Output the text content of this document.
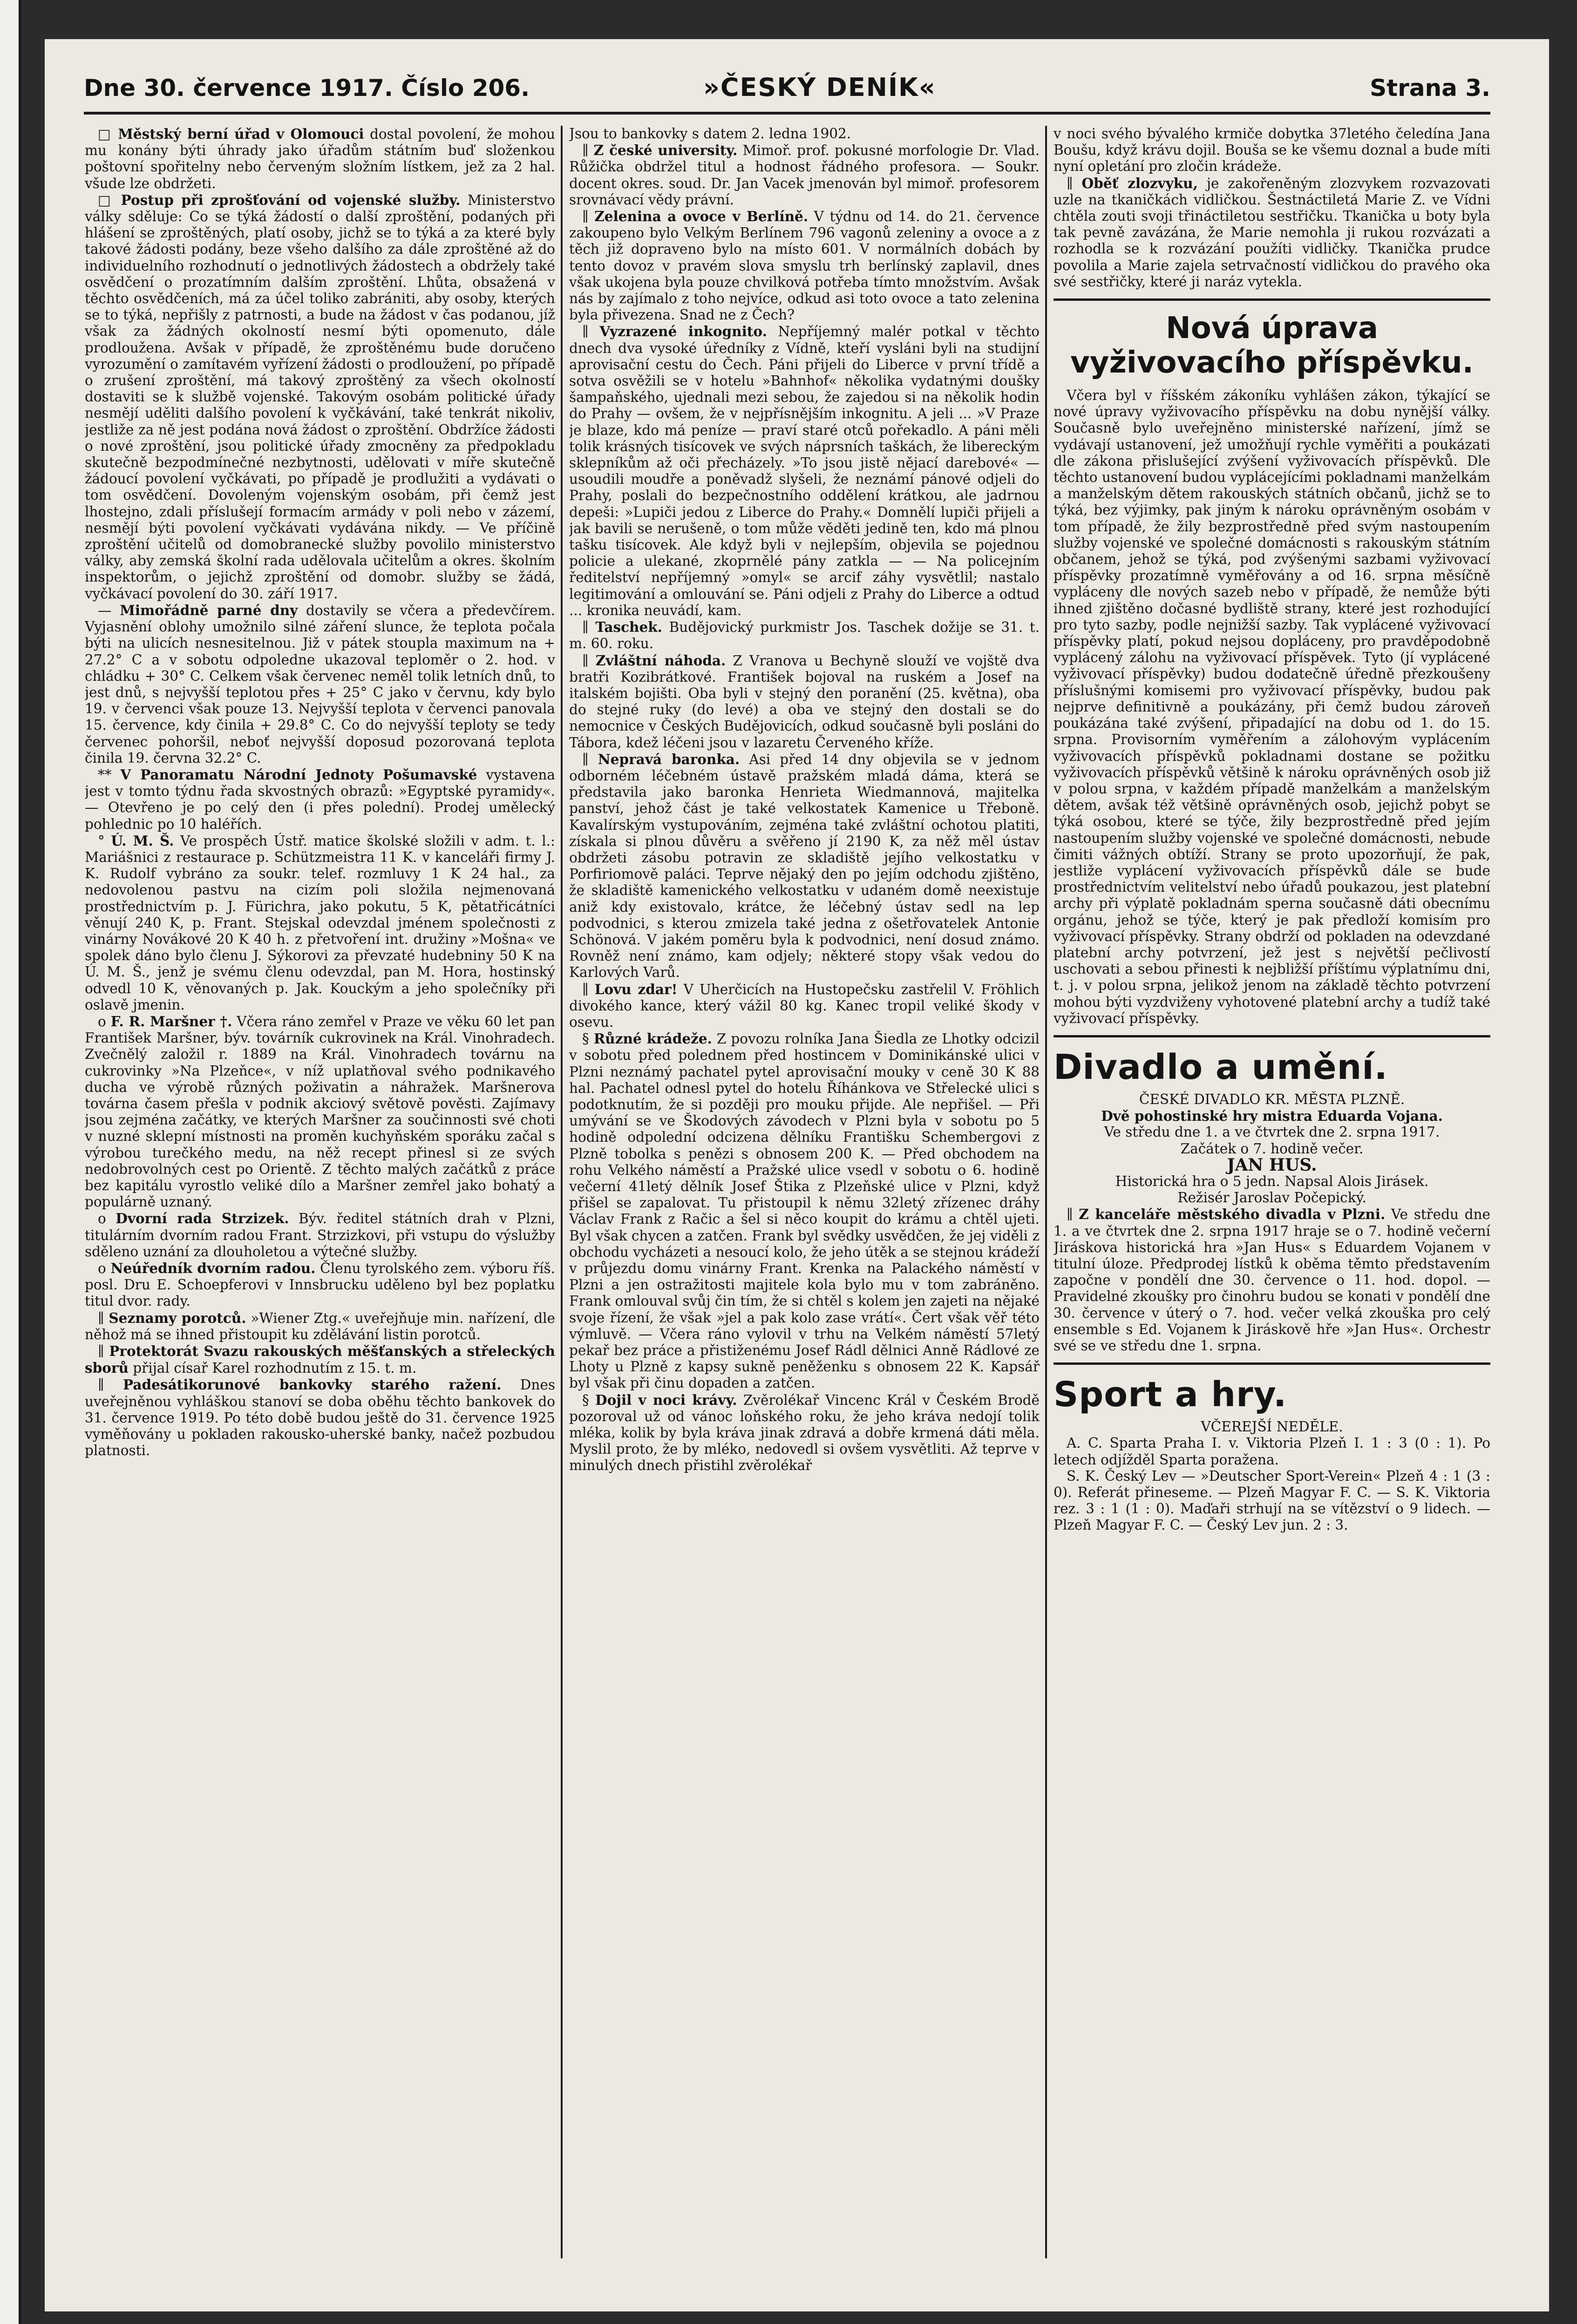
Dne 30. července 1917. Číslo 206.	»ČESKÝ DENÍK«	Strana 3.

□ Městský berní úřad v Olomouci dostal povolení, že mohou mu konány býti úhrady jako úřadům státním buď složenkou poštovní spořitelny nebo červeným složním lístkem, jež za 2 hal. všude lze obdržeti.

□ Postup při zprošťování od vojenské služby. Ministerstvo války sděluje: Co se týká žádostí o další zproštění, podaných při hlášení se zproštěných, platí osoby, jichž se to týká a za které byly takové žádosti podány, beze všeho dalšího za dále zproštěné až do individuelního rozhodnutí o jednotlivých žádostech a obdržely také osvědčení o prozatímním dalším zproštění. Lhůta, obsažená v těchto osvědčeních, má za účel toliko zabrániti, aby osoby, kterých se to týká, nepřišly z patrnosti, a bude na žádost v čas podanou, jíž však za žádných okolností nesmí býti opomenuto, dále prodloužena. Avšak v případě, že zproštěnému bude doručeno vyrozumění o zamítavém vyřízení žádosti o prodloužení, po případě o zrušení zproštění, má takový zproštěný za všech okolností dostaviti se k službě vojenské. Takovým osobám politické úřady nesmějí uděliti dalšího povolení k vyčkávání, také tenkrát nikoliv, jestliže za ně jest podána nová žádost o zproštění. Obdržíce žádosti o nové zproštění, jsou politické úřady zmocněny za předpokladu skutečně bezpodmínečné nezbytnosti, udělovati v míře skutečně žádoucí povolení vyčkávati, po případě je prodlužiti a vydávati o tom osvědčení. Dovoleným vojenským osobám, při čemž jest lhostejno, zdali příslušejí formacím armády v poli nebo v zázemí, nesmějí býti povolení vyčkávati vydávána nikdy. — Ve příčině zproštění učitelů od domobranecké služby povolilo ministerstvo války, aby zemská školní rada udělovala učitelům a okres. školním inspektorům, o jejichž zproštění od domobr. služby se žádá, vyčkávací povolení do 30. září 1917.

— Mimořádně parné dny dostavily se včera a předevčírem. Vyjasnění oblohy umožnilo silné záření slunce, že teplota počala býti na ulicích nesnesitelnou. Již v pátek stoupla maximum na + 27.2° C a v sobotu odpoledne ukazoval teploměr o 2. hod. v chládku + 30° C. Celkem však červenec neměl tolik letních dnů, to jest dnů, s nejvyšší teplotou přes + 25° C jako v červnu, kdy bylo 19. v červenci však pouze 13. Nejvyšší teplota v červenci panovala 15. července, kdy činila + 29.8° C. Co do nejvyšší teploty se tedy červenec pohoršil, neboť nejvyšší doposud pozorovaná teplota činila 19. června 32.2° C.

** V Panoramatu Národní Jednoty Pošumavské vystavena jest v tomto týdnu řada skvostných obrazů: »Egyptské pyramidy«. — Otevřeno je po celý den (i přes polední). Prodej umělecký pohlednic po 10 haléřích.

° Ú. M. Š. Ve prospěch Ústř. matice školské složili v adm. t. l.: Mariášnici z restaurace p. Schützmeistra 11 K. v kanceláři firmy J. K. Rudolf vybráno za soukr. telef. rozmluvy 1 K 24 hal., za nedovolenou pastvu na cizím poli složila nejmenovaná prostřednictvím p. J. Fürichra, jako pokutu, 5 K, pětatřicátníci věnují 240 K, p. Frant. Stejskal odevzdal jménem společnosti z vinárny Novákové 20 K 40 h. z přetvoření int. družiny »Mošna« ve spolek dáno bylo členu J. Sýkorovi za převzaté hudebniny 50 K na Ú. M. Š., jenž je svému členu odevzdal, pan M. Hora, hostinský odvedl 10 K, věnovaných p. Jak. Kouckým a jeho společníky při oslavě jmenin.

o F. R. Maršner †. Včera ráno zemřel v Praze ve věku 60 let pan František Maršner, býv. továrník cukrovinek na Král. Vinohradech. Zvečnělý založil r. 1889 na Král. Vinohradech továrnu na cukrovinky »Na Plzeňce«, v níž uplatňoval svého podnikavého ducha ve výrobě různých poživatin a náhražek. Maršnerova továrna časem přešla v podnik akciový světově pověsti. Zajímavy jsou zejména začátky, ve kterých Maršner za součinnosti své choti v nuzné sklepní místnosti na proměn kuchyňském sporáku začal s výrobou turečkého medu, na něž recept přinesl si ze svých nedobrovolných cest po Orientě. Z těchto malých začátků z práce bez kapitálu vyrostlo veliké dílo a Maršner zemřel jako bohatý a populárně uznaný.

o Dvorní rada Strzizek. Býv. ředitel státních drah v Plzni, titulárním dvorním radou Frant. Strzizkovi, při vstupu do výslužby sděleno uznání za dlouholetou a výtečné služby.

o Neúředník dvorním radou. Členu tyrolského zem. výboru říš. posl. Dru E. Schoepferovi v Innsbrucku uděleno byl bez poplatku titul dvor. rady.

∥ Seznamy porotců. »Wiener Ztg.« uveřejňuje min. nařízení, dle něhož má se ihned přistoupit ku zdělávání listin porotců.

∥ Protektorát Svazu rakouských měšťanských a střeleckých sborů přijal císař Karel rozhodnutím z 15. t. m.

∥ Padesátikorunové bankovky starého ražení. Dnes uveřejněnou vyhláškou stanoví se doba oběhu těchto bankovek do 31. července 1919. Po této době budou ještě do 31. července 1925 vyměňovány u pokladen rakousko-uherské banky, načež pozbudou platnosti.

Jsou to bankovky s datem 2. ledna 1902.

∥ Z české university. Mimoř. prof. pokusné morfologie Dr. Vlad. Růžička obdržel titul a hodnost řádného profesora. — Soukr. docent okres. soud. Dr. Jan Vacek jmenován byl mimoř. profesorem srovnávací vědy právní.

∥ Zelenina a ovoce v Berlíně. V týdnu od 14. do 21. července zakoupeno bylo Velkým Berlínem 796 vagonů zeleniny a ovoce a z těch již dopraveno bylo na místo 601. V normálních dobách by tento dovoz v pravém slova smyslu trh berlínský zaplavil, dnes však ukojena byla pouze chvilková potřeba tímto množstvím. Avšak nás by zajímalo z toho nejvíce, odkud asi toto ovoce a tato zelenina byla přivezena. Snad ne z Čech?

∥ Vyzrazené inkognito. Nepříjemný malér potkal v těchto dnech dva vysoké úředníky z Vídně, kteří vysláni byli na studijní aprovisační cestu do Čech. Páni přijeli do Liberce v první třídě a sotva osvěžili se v hotelu »Bahnhof« několika vydatnými doušky šampaňského, ujednali mezi sebou, že zajedou si na několik hodin do Prahy — ovšem, že v nejpřísnějším inkognitu. A jeli ... »V Praze je blaze, kdo má peníze — praví staré otců pořekadlo. A páni měli tolik krásných tisícovek ve svých náprsních taškách, že libereckým sklepníkům až oči přecházely. »To jsou jistě nějací darebové« — usoudili moudře a poněvadž slyšeli, že neznámí pánové odjeli do Prahy, poslali do bezpečnostního oddělení krátkou, ale jadrnou depeši: »Lupiči jedou z Liberce do Prahy.« Domnělí lupiči přijeli a jak bavili se nerušeně, o tom může věděti jedině ten, kdo má plnou tašku tisícovek. Ale když byli v nejlepším, objevila se pojednou policie a ulekané, zkoprnělé pány zatkla — — Na policejním ředitelství nepříjemný »omyl« se arcif záhy vysvětlil; nastalo legitimování a omlouvání se. Páni odjeli z Prahy do Liberce a odtud ... kronika neuvádí, kam.

∥ Taschek. Budějovický purkmistr Jos. Taschek dožije se 31. t. m. 60. roku.

∥ Zvláštní náhoda. Z Vranova u Bechyně slouží ve vojště dva bratři Kozibrátkové. František bojoval na ruském a Josef na italském bojišti. Oba byli v stejný den poranění (25. května), oba do stejné ruky (do levé) a oba ve stejný den dostali se do nemocnice v Českých Budějovicích, odkud současně byli posláni do Tábora, kdež léčeni jsou v lazaretu Červeného kříže.

∥ Nepravá baronka. Asi před 14 dny objevila se v jednom odborném léčebném ústavě pražském mladá dáma, která se představila jako baronka Henrieta Wiedmannová, majitelka panství, jehož část je také velkostatek Kamenice u Třeboně. Kavalírským vystupováním, zejména také zvláštní ochotou platiti, získala si plnou důvěru a svěřeno jí 2190 K, za něž měl ústav obdržeti zásobu potravin ze skladiště jejího velkostatku v Porfiriomově paláci. Teprve nějaký den po jejím odchodu zjištěno, že skladiště kamenického velkostatku v udaném domě neexistuje aniž kdy existovalo, krátce, že léčebný ústav sedl na lep podvodnici, s kterou zmizela také jedna z ošetřovatelek Antonie Schönová. V jakém poměru byla k podvodnici, není dosud známo. Rovněž není známo, kam odjely; některé stopy však vedou do Karlových Varů.

∥ Lovu zdar! V Uherčicích na Hustopečsku zastřelil V. Fröhlich divokého kance, který vážil 80 kg. Kanec tropil veliké škody v osevu.

§ Různé krádeže. Z povozu rolníka Jana Šiedla ze Lhotky odcizil v sobotu před polednem před hostincem v Dominikánské ulici v Plzni neznámý pachatel pytel aprovisační mouky v ceně 30 K 88 hal. Pachatel odnesl pytel do hotelu Říhánkova ve Střelecké ulici s podotknutím, že si později pro mouku přijde. Ale nepřišel. — Při umývání se ve Škodových závodech v Plzni byla v sobotu po 5 hodině odpolední odcizena dělníku Františku Schembergovi z Plzně tobolka s penězi s obnosem 200 K. — Před obchodem na rohu Velkého náměstí a Pražské ulice vsedl v sobotu o 6. hodině večerní 41letý dělník Josef Štika z Plzeňské ulice v Plzni, když přišel se zapalovat. Tu přistoupil k němu 32letý zřízenec dráhy Václav Frank z Račic a šel si něco koupit do krámu a chtěl ujeti. Byl však chycen a zatčen. Frank byl svědky usvědčen, že jej viděli z obchodu vycházeti a nesoucí kolo, že jeho útěk a se stejnou krádeží v průjezdu domu vinárny Frant. Krenka na Palackého náměstí v Plzni a jen ostražitosti majitele kola bylo mu v tom zabráněno. Frank omlouval svůj čin tím, že si chtěl s kolem jen zajeti na nějaké svoje řízení, že však »jel a pak kolo zase vrátí«. Čert však věř této výmluvě. — Včera ráno vylovil v trhu na Velkém náměstí 57letý pekař bez práce a přistiženému Josef Rádl dělnici Anně Rádlové ze Lhoty u Plzně z kapsy sukně peněženku s obnosem 22 K. Kapsář byl však při činu dopaden a zatčen.

§ Dojil v noci krávy. Zvěrolékař Vincenc Král v Českém Brodě pozoroval už od vánoc loňského roku, že jeho kráva nedojí tolik mléka, kolik by byla kráva jinak zdravá a dobře krmená dáti měla. Myslil proto, že by mléko, nedovedl si ovšem vysvětliti. Až teprve v minulých dnech přistihl zvěrolékař

v noci svého bývalého krmiče dobytka 37letého čeledína Jana Boušu, když krávu dojil. Bouša se ke všemu doznal a bude míti nyní opletání pro zločin krádeže.

∥ Oběť zlozvyku, je zakořeněným zlozvykem rozvazovati uzle na tkaničkách vidličkou. Šestnáctiletá Marie Z. ve Vídni chtěla zouti svoji třináctiletou sestřičku. Tkanička u boty byla tak pevně zavázána, že Marie nemohla ji rukou rozvázati a rozhodla se k rozvázání použíti vidličky. Tkanička prudce povolila a Marie zajela setrvačností vidličkou do pravého oka své sestřičky, které ji naráz vytekla.

Nová úprava vyživovacího příspěvku.

Včera byl v říšském zákoníku vyhlášen zákon, týkající se nové úpravy vyživovacího příspěvku na dobu nynější války. Současně bylo uveřejněno ministerské nařízení, jímž se vydávají ustanovení, jež umožňují rychle vyměřiti a poukázati dle zákona přislušející zvýšení vyživovacích příspěvků. Dle těchto ustanovení budou vyplácejícími pokladnami manželkám a manželským dětem rakouských státních občanů, jichž se to týká, bez výjimky, pak jiným k nároku oprávněným osobám v tom případě, že žily bezprostředně před svým nastoupením služby vojenské ve společné domácnosti s rakouským státním občanem, jehož se týká, pod zvýšenými sazbami vyživovací příspěvky prozatímně vyměřovány a od 16. srpna měsíčně vypláceny dle nových sazeb nebo v případě, že nemůže býti ihned zjištěno dočasné bydliště strany, které jest rozhodující pro tyto sazby, podle nejnižší sazby. Tak vyplácené vyživovací příspěvky platí, pokud nejsou dopláceny, pro pravděpodobně vyplácený zálohu na vyživovací příspěvek. Tyto (jí vyplácené vyživovací příspěvky) budou dodatečně úředně přezkoušeny příslušnými komisemi pro vyživovací příspěvky, budou pak nejprve definitivně a poukázány, při čemž budou zároveň poukázána také zvýšení, připadající na dobu od 1. do 15. srpna. Provisorním vyměřením a zálohovým vyplácením vyživovacích příspěvků pokladnami dostane se požitku vyživovacích příspěvků většině k nároku oprávněných osob již v polou srpna, v každém případě manželkám a manželským dětem, avšak též většině oprávněných osob, jejichž pobyt se týká osobou, které se týče, žily bezprostředně před jejím nastoupením služby vojenské ve společné domácnosti, nebude čimiti vážných obtíží. Strany se proto upozorňují, že pak, jestliže vyplácení vyživovacích příspěvků dále se bude prostřednictvím velitelství nebo úřadů poukazou, jest platební archy při výplatě pokladnám sperna současně dáti obecnímu orgánu, jehož se týče, který je pak předloží komisím pro vyživovací příspěvky. Strany obdrží od pokladen na odevzdané platební archy potvrzení, jež jest s největší pečlivostí uschovati a sebou přinesti k nejbližší příštímu výplatnímu dni, t. j. v polou srpna, jelikož jenom na základě těchto potvrzení mohou býti vyzdviženy vyhotovené platební archy a tudíž také vyživovací příspěvky.

Divadlo a umění.

ČESKÉ DIVADLO KR. MĚSTA PLZNĚ.

Dvě pohostinské hry mistra Eduarda Vojana.

Ve středu dne 1. a ve čtvrtek dne 2. srpna 1917.

Začátek o 7. hodině večer.

JAN HUS.

Historická hra o 5 jedn. Napsal Alois Jirásek.

Režisér Jaroslav Počepický.

∥ Z kanceláře městského divadla v Plzni. Ve středu dne 1. a ve čtvrtek dne 2. srpna 1917 hraje se o 7. hodině večerní Jiráskova historická hra »Jan Hus« s Eduardem Vojanem v titulní úloze. Předprodej lístků k oběma těmto představením započne v pondělí dne 30. července o 11. hod. dopol. — Pravidelné zkoušky pro činohru budou se konati v pondělí dne 30. července v úterý o 7. hod. večer velká zkouška pro celý ensemble s Ed. Vojanem k Jiráskově hře »Jan Hus«. Orchestr své se ve středu dne 1. srpna.

Sport a hry.

VČEREJŠÍ NEDĚLE.

A. C. Sparta Praha I. v. Viktoria Plzeň I. 1 : 3 (0 : 1). Po letech odjížděl Sparta poražena.

S. K. Český Lev — »Deutscher Sport-Verein« Plzeň 4 : 1 (3 : 0). Referát přineseme. — Plzeň Magyar F. C. — S. K. Viktoria rez. 3 : 1 (1 : 0). Maďaři strhují na se vítězství o 9 lidech. — Plzeň Magyar F. C. — Český Lev jun. 2 : 3.
